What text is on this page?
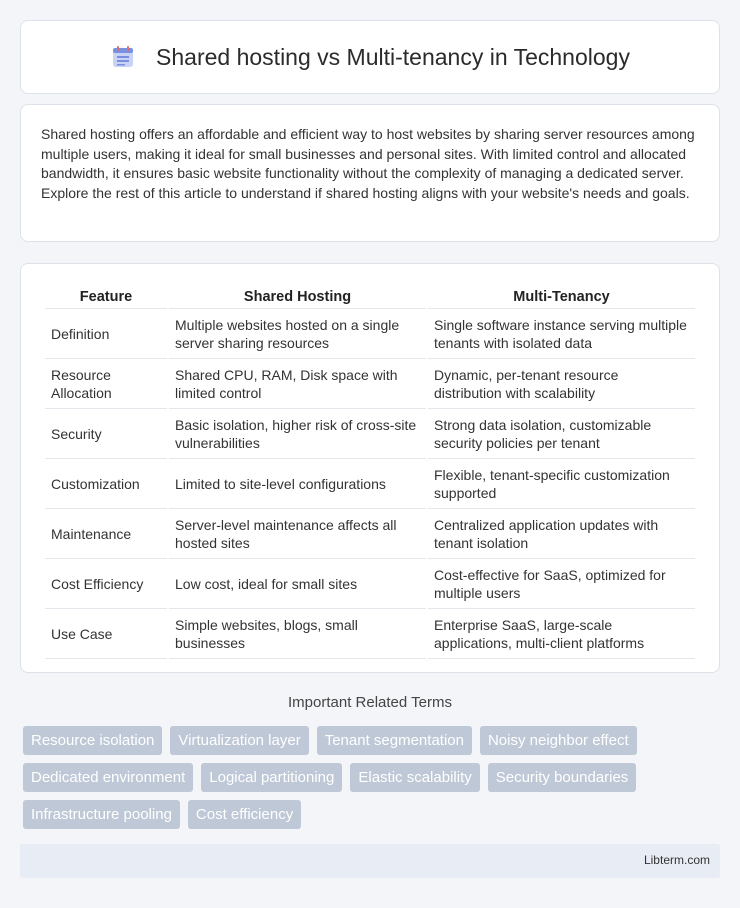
Shared hosting vs Multi-tenancy in Technology

Shared hosting offers an affordable and efficient way to host websites by sharing server resources among multiple users, making it ideal for small businesses and personal sites. With limited control and allocated bandwidth, it ensures basic website functionality without the complexity of managing a dedicated server. Explore the rest of this article to understand if shared hosting aligns with your website's needs and goals.

Feature	Shared Hosting	Multi-Tenancy
Definition	Multiple websites hosted on a single server sharing resources	Single software instance serving multiple tenants with isolated data
Resource Allocation	Shared CPU, RAM, Disk space with limited control	Dynamic, per-tenant resource distribution with scalability
Security	Basic isolation, higher risk of cross-site vulnerabilities	Strong data isolation, customizable security policies per tenant
Customization	Limited to site-level configurations	Flexible, tenant-specific customization supported
Maintenance	Server-level maintenance affects all hosted sites	Centralized application updates with tenant isolation
Cost Efficiency	Low cost, ideal for small sites	Cost-effective for SaaS, optimized for multiple users
Use Case	Simple websites, blogs, small businesses	Enterprise SaaS, large-scale applications, multi-client platforms
Important Related Terms
Resource isolation	Virtualization layer	Tenant segmentation	Noisy neighbor effect
Dedicated environment	Logical partitioning	Elastic scalability	Security boundaries
Infrastructure pooling	Cost efficiency
Libterm.com
